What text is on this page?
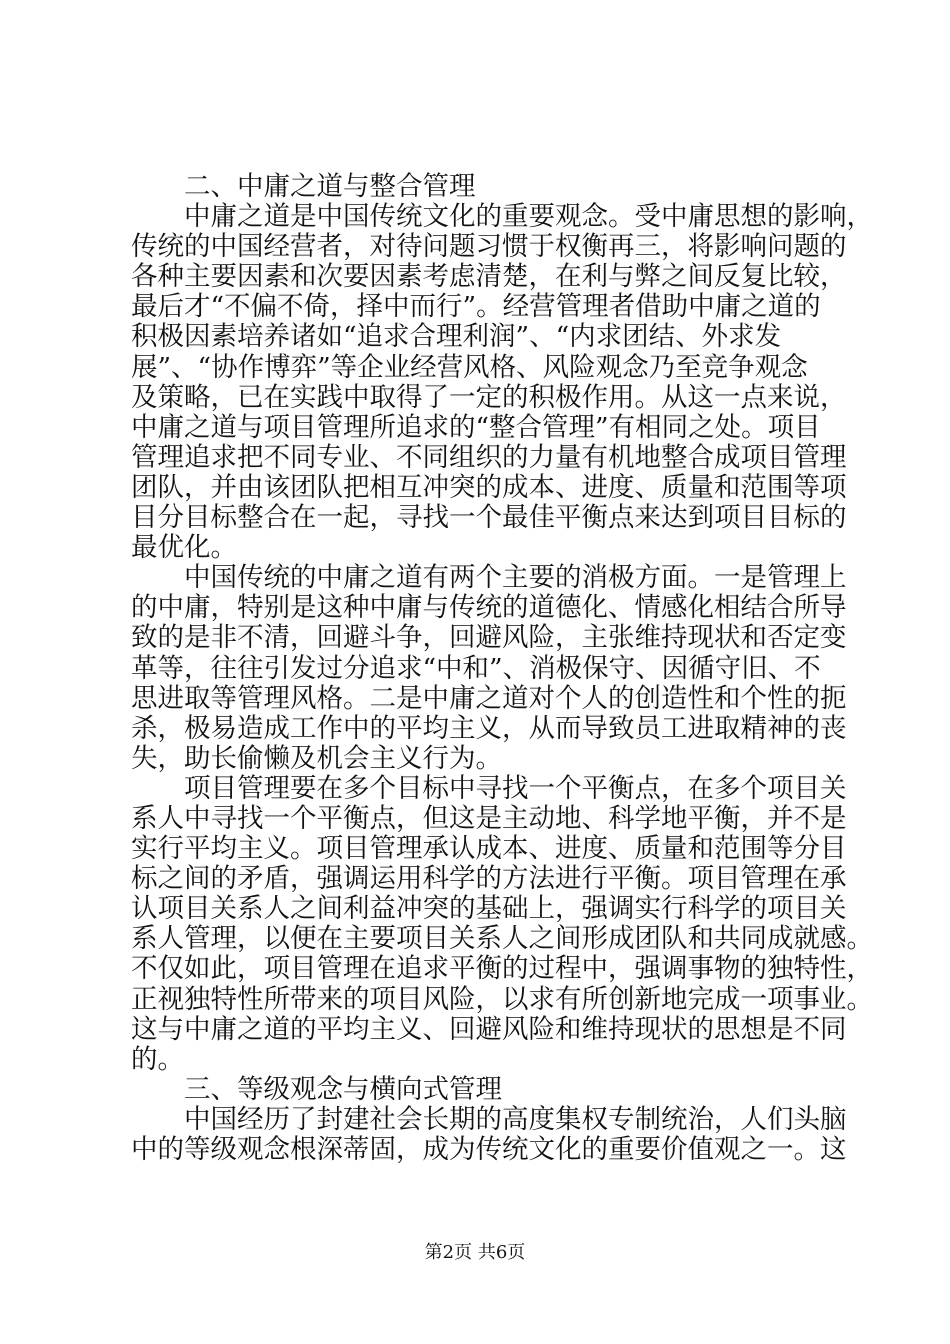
二、中庸之道与整合管理
中庸之道是中国传统文化的重要观念。受中庸思想的影响，
传统的中国经营者，对待问题习惯于权衡再三，将影响问题的
各种主要因素和次要因素考虑清楚，在利与弊之间反复比较，
最后才“不偏不倚，择中而行”。经营管理者借助中庸之道的
积极因素培养诸如“追求合理利润”、“内求团结、外求发
展”、“协作博弈”等企业经营风格、风险观念乃至竞争观念
及策略，已在实践中取得了一定的积极作用。从这一点来说，
中庸之道与项目管理所追求的“整合管理”有相同之处。项目
管理追求把不同专业、不同组织的力量有机地整合成项目管理
团队，并由该团队把相互冲突的成本、进度、质量和范围等项
目分目标整合在一起，寻找一个最佳平衡点来达到项目目标的
最优化。
中国传统的中庸之道有两个主要的消极方面。一是管理上
的中庸，特别是这种中庸与传统的道德化、情感化相结合所导
致的是非不清，回避斗争，回避风险，主张维持现状和否定变
革等，往往引发过分追求“中和”、消极保守、因循守旧、不
思进取等管理风格。二是中庸之道对个人的创造性和个性的扼
杀，极易造成工作中的平均主义，从而导致员工进取精神的丧
失，助长偷懒及机会主义行为。
项目管理要在多个目标中寻找一个平衡点，在多个项目关
系人中寻找一个平衡点，但这是主动地、科学地平衡，并不是
实行平均主义。项目管理承认成本、进度、质量和范围等分目
标之间的矛盾，强调运用科学的方法进行平衡。项目管理在承
认项目关系人之间利益冲突的基础上，强调实行科学的项目关
系人管理，以便在主要项目关系人之间形成团队和共同成就感。
不仅如此，项目管理在追求平衡的过程中，强调事物的独特性，
正视独特性所带来的项目风险，以求有所创新地完成一项事业。
这与中庸之道的平均主义、回避风险和维持现状的思想是不同
的。
三、等级观念与横向式管理
中国经历了封建社会长期的高度集权专制统治，人们头脑
中的等级观念根深蒂固，成为传统文化的重要价值观之一。这
第2页 共6页
